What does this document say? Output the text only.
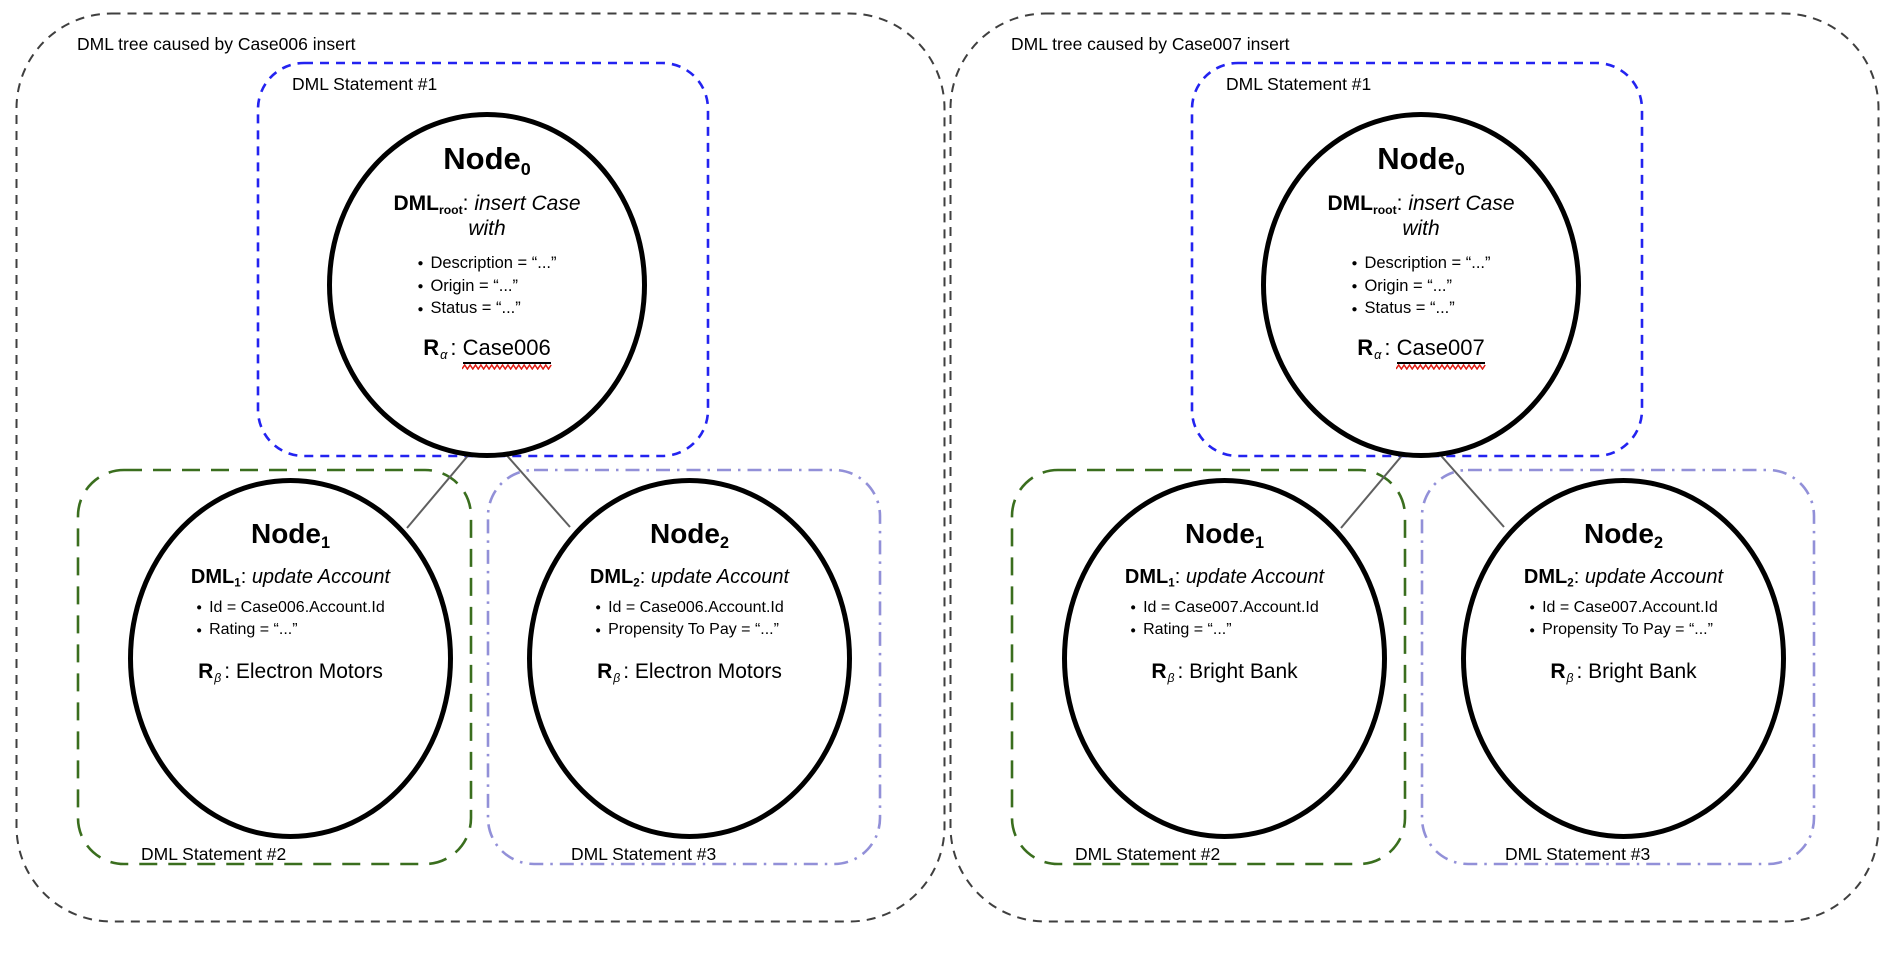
DML tree caused by Case006 insert
DML Statement #1
DML Statement #2	DML Statement #3
Node$_0$
$DML_{root}$: insert Case
with
● Description = “...”
● Origin = “...”
● Status = “...”
$R_\alpha$ : Case006
Node$_1$
$DML_1$: update Account
● Id = Case006.Account.Id
● Rating = “...”
$R_\beta$ : Electron Motors
Node$_2$
$DML_2$: update Account
● Id = Case006.Account.Id
● Propensity To Pay = “...”
$R_\beta$ : Electron Motors
DML tree caused by Case007 insert
DML Statement #1
DML Statement #2	DML Statement #3
Node$_0$
$DML_{root}$: insert Case
with
● Description = “...”
● Origin = “...”
● Status = “...”
$R_\alpha$ : Case007
Node$_1$
$DML_1$: update Account
● Id = Case007.Account.Id
● Rating = “...”
$R_\beta$ : Bright Bank
Node$_2$
$DML_2$: update Account
● Id = Case007.Account.Id
● Propensity To Pay = “...”
$R_\beta$ : Bright Bank
